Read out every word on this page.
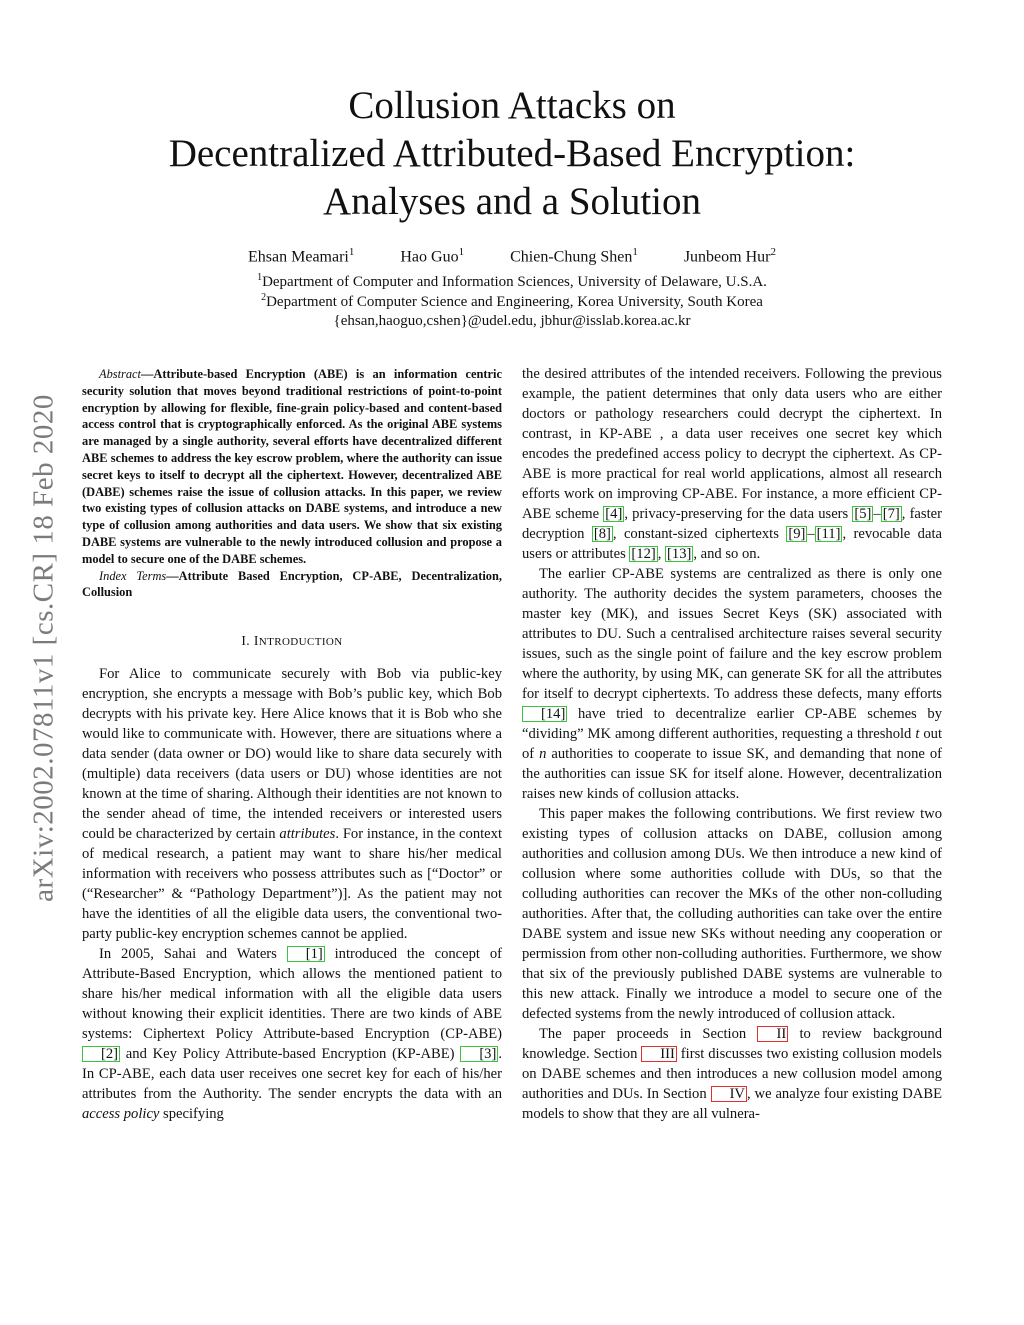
arXiv:2002.07811v1 [cs.CR] 18 Feb 2020
Collusion Attacks on
Decentralized Attributed-Based Encryption:
Analyses and a Solution
Ehsan Meamari$^1$	Hao Guo$^1$	Chien-Chung Shen$^1$	Junbeom Hur$^2$
$^1$Department of Computer and Information Sciences, University of Delaware, U.S.A.
$^2$Department of Computer Science and Engineering, Korea University, South Korea
{ehsan,haoguo,cshen}@udel.edu, jbhur@isslab.korea.ac.kr

Abstract—Attribute-based Encryption (ABE) is an information centric security solution that moves beyond traditional restrictions of point-to-point encryption by allowing for flexible, fine-grain policy-based and content-based access control that is cryptographically enforced. As the original ABE systems are managed by a single authority, several efforts have decentralized different ABE schemes to address the key escrow problem, where the authority can issue secret keys to itself to decrypt all the ciphertext. However, decentralized ABE (DABE) schemes raise the issue of collusion attacks. In this paper, we review two existing types of collusion attacks on DABE systems, and introduce a new type of collusion among authorities and data users. We show that six existing DABE systems are vulnerable to the newly introduced collusion and propose a model to secure one of the DABE schemes.

Index Terms—Attribute Based Encryption, CP-ABE, Decentralization, Collusion

I. INTRODUCTION

For Alice to communicate securely with Bob via public-key encryption, she encrypts a message with Bob’s public key, which Bob decrypts with his private key. Here Alice knows that it is Bob who she would like to communicate with. However, there are situations where a data sender (data owner or DO) would like to share data securely with (multiple) data receivers (data users or DU) whose identities are not known at the time of sharing. Although their identities are not known to the sender ahead of time, the intended receivers or interested users could be characterized by certain attributes. For instance, in the context of medical research, a patient may want to share his/her medical information with receivers who possess attributes such as [“Doctor” or (“Researcher” & “Pathology Department”)]. As the patient may not have the identities of all the eligible data users, the conventional two-party public-key encryption schemes cannot be applied.

In 2005, Sahai and Waters [1] introduced the concept of Attribute-Based Encryption, which allows the mentioned patient to share his/her medical information with all the eligible data users without knowing their explicit identities. There are two kinds of ABE systems: Ciphertext Policy Attribute-based Encryption (CP-ABE) [2] and Key Policy Attribute-based Encryption (KP-ABE) [3] . In CP-ABE, each data user receives one secret key for each of his/her attributes from the Authority. The sender encrypts the data with an access policy specifying

the desired attributes of the intended receivers. Following the previous example, the patient determines that only data users who are either doctors or pathology researchers could decrypt the ciphertext. In contrast, in KP-ABE , a data user receives one secret key which encodes the predefined access policy to decrypt the ciphertext. As CP-ABE is more practical for real world applications, almost all research efforts work on improving CP-ABE. For instance, a more efficient CP-ABE scheme [4] , privacy-preserving for the data users [5] – [7] , faster decryption [8] , constant-sized ciphertexts [9] – [11] , revocable data users or attributes [12] , [13] , and so on.

The earlier CP-ABE systems are centralized as there is only one authority. The authority decides the system parameters, chooses the master key (MK), and issues Secret Keys (SK) associated with attributes to DU. Such a centralised architecture raises several security issues, such as the single point of failure and the key escrow problem where the authority, by using MK, can generate SK for all the attributes for itself to decrypt ciphertexts. To address these defects, many efforts [14] have tried to decentralize earlier CP-ABE schemes by “dividing” MK among different authorities, requesting a threshold t out of n authorities to cooperate to issue SK, and demanding that none of the authorities can issue SK for itself alone. However, decentralization raises new kinds of collusion attacks.

This paper makes the following contributions. We first review two existing types of collusion attacks on DABE, collusion among authorities and collusion among DUs. We then introduce a new kind of collusion where some authorities collude with DUs, so that the colluding authorities can recover the MKs of the other non-colluding authorities. After that, the colluding authorities can take over the entire DABE system and issue new SKs without needing any cooperation or permission from other non-colluding authorities. Furthermore, we show that six of the previously published DABE systems are vulnerable to this new attack. Finally we introduce a model to secure one of the defected systems from the newly introduced of collusion attack.

The paper proceeds in Section II to review background knowledge. Section III first discusses two existing collusion models on DABE schemes and then introduces a new collusion model among authorities and DUs. In Section IV , we analyze four existing DABE models to show that they are all vulnera-
